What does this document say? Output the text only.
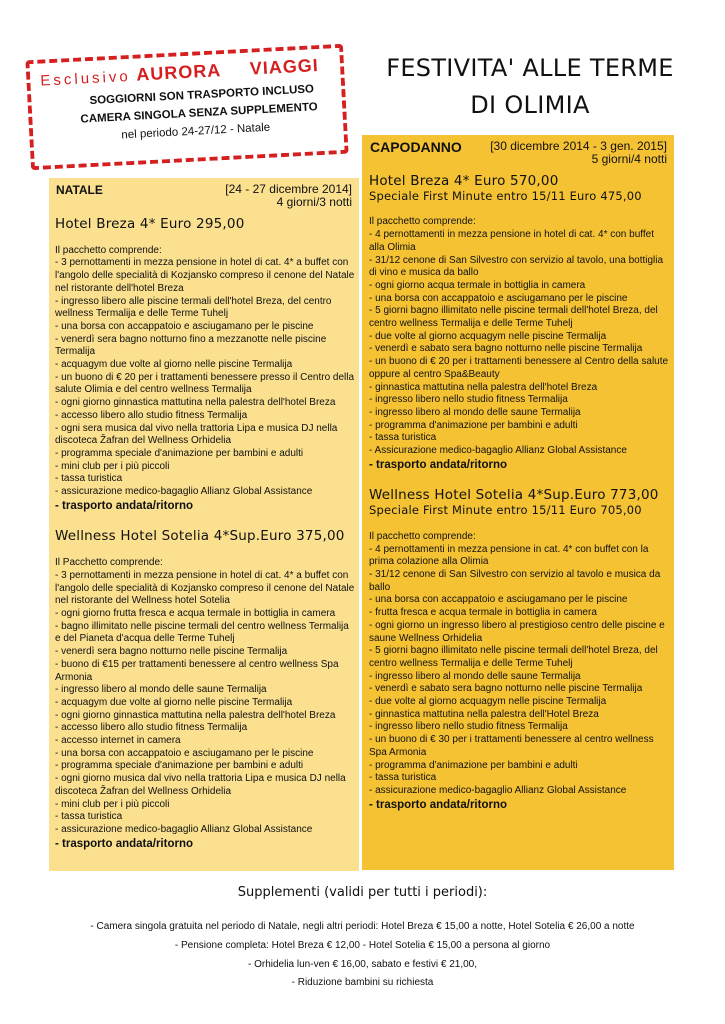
Esclusivo AURORA VIAGGI
SOGGIORNI SON TRASPORTO INCLUSO
CAMERA SINGOLA SENZA SUPPLEMENTO
nel periodo 24-27/12 - Natale
FESTIVITA' ALLE TERME
DI OLIMIA
NATALE	[24 - 27 dicembre 2014]
4 giorni/3 notti
Hotel Breza 4* Euro 295,00
Il pacchetto comprende:
- 3 pernottamenti in mezza pensione in hotel di cat. 4* a buffet con l'angolo delle specialità di Kozjansko compreso il cenone del Natale nel ristorante dell'hotel Breza
- ingresso libero alle piscine termali dell'hotel Breza, del centro wellness Termalija e delle Terme Tuhelj
- una borsa con accappatoio e asciugamano per le piscine
- venerdì sera bagno notturno fino a mezzanotte nelle piscine Termalija
- acquagym due volte al giorno nelle piscine Termalija
- un buono di € 20 per i trattamenti benessere presso il Centro della salute Olimia e del centro wellness Termalija
- ogni giorno ginnastica mattutina nella palestra dell'hotel Breza
- accesso libero allo studio fitness Termalija
- ogni sera musica dal vivo nella trattoria Lipa e musica DJ nella discoteca Žafran del Wellness Orhidelia
- programma speciale d'animazione per bambini e adulti
- mini club per i più piccoli
- tassa turistica
- assicurazione medico-bagaglio Allianz Global Assistance
- trasporto andata/ritorno
Wellness Hotel Sotelia 4*Sup.Euro 375,00
Il Pacchetto comprende:
- 3 pernottamenti in mezza pensione in hotel di cat. 4* a buffet con l'angolo delle specialità di Kozjansko compreso il cenone del Natale nel ristorante del Wellness hotel Sotelia
- ogni giorno frutta fresca e acqua termale in bottiglia in camera
- bagno illimitato nelle piscine termali del centro wellness Termalija e del Pianeta d'acqua delle Terme Tuhelj
- venerdì sera bagno notturno nelle piscine Termalija
- buono di €15 per trattamenti benessere al centro wellness Spa Armonia
- ingresso libero al mondo delle saune Termalija
- acquagym due volte al giorno nelle piscine Termalija
- ogni giorno ginnastica mattutina nella palestra dell'hotel Breza
- accesso libero allo studio fitness Termalija
- accesso internet in camera
- una borsa con accappatoio e asciugamano per le piscine
- programma speciale d'animazione per bambini e adulti
- ogni giorno musica dal vivo nella trattoria Lipa e musica DJ nella discoteca Žafran del Wellness Orhidelia
- mini club per i più piccoli
- tassa turistica
- assicurazione medico-bagaglio Allianz Global Assistance
- trasporto andata/ritorno
CAPODANNO [30 dicembre 2014 - 3 gen. 2015]
5 giorni/4 notti
Hotel Breza 4* Euro 570,00
Speciale First Minute entro 15/11 Euro 475,00
Il pacchetto comprende:
- 4 pernottamenti in mezza pensione in hotel di cat. 4* con buffet alla Olimia
- 31/12 cenone di San Silvestro con servizio al tavolo, una bottiglia di vino e musica da ballo
- ogni giorno acqua termale in bottiglia in camera
- una borsa con accappatoio e asciugamano per le piscine
- 5 giorni bagno illimitato nelle piscine termali dell'hotel Breza, del centro wellness Termalija e delle Terme Tuhelj
- due volte al giorno acquagym nelle piscine Termalija
- venerdì e sabato sera bagno notturno nelle piscine Termalija
- un buono di € 20 per i trattamenti benessere al Centro della salute oppure al centro Spa&Beauty
- ginnastica mattutina nella palestra dell'hotel Breza
- ingresso libero nello studio fitness Termalija
- ingresso libero al mondo delle saune Termalija
- programma d'animazione per bambini e adulti
- tassa turistica
- Assicurazione medico-bagaglio Allianz Global Assistance
- trasporto andata/ritorno
Wellness Hotel Sotelia 4*Sup.Euro 773,00
Speciale First Minute entro 15/11 Euro 705,00
Il pacchetto comprende:
- 4 pernottamenti in mezza pensione in cat. 4* con buffet con la prima colazione alla Olimia
- 31/12 cenone di San Silvestro con servizio al tavolo e musica da ballo
- una borsa con accappatoio e asciugamano per le piscine
- frutta fresca e acqua termale in bottiglia in camera
- ogni giorno un ingresso libero al prestigioso centro delle piscine e saune Wellness Orhidelia
- 5 giorni bagno illimitato nelle piscine termali dell'hotel Breza, del centro wellness Termalija e delle Terme Tuhelj
- ingresso libero al mondo delle saune Termalija
- venerdì e sabato sera bagno notturno nelle piscine Termalija
- due volte al giorno acquagym nelle piscine Termalija
- ginnastica mattutina nella palestra dell'Hotel Breza
- ingresso libero nello studio fitness Termalija
- un buono di € 30 per i trattamenti benessere al centro wellness Spa Armonia
- programma d'animazione per bambini e adulti
- tassa turistica
- assicurazione medico-bagaglio Allianz Global Assistance
- trasporto andata/ritorno
Supplementi (validi per tutti i periodi):
- Camera singola gratuita nel periodo di Natale, negli altri periodi: Hotel Breza € 15,00 a notte, Hotel Sotelia € 26,00 a notte
- Pensione completa: Hotel Breza € 12,00 - Hotel Sotelia € 15,00 a persona al giorno
- Orhidelia lun-ven € 16,00, sabato e festivi € 21,00,
- Riduzione bambini su richiesta
